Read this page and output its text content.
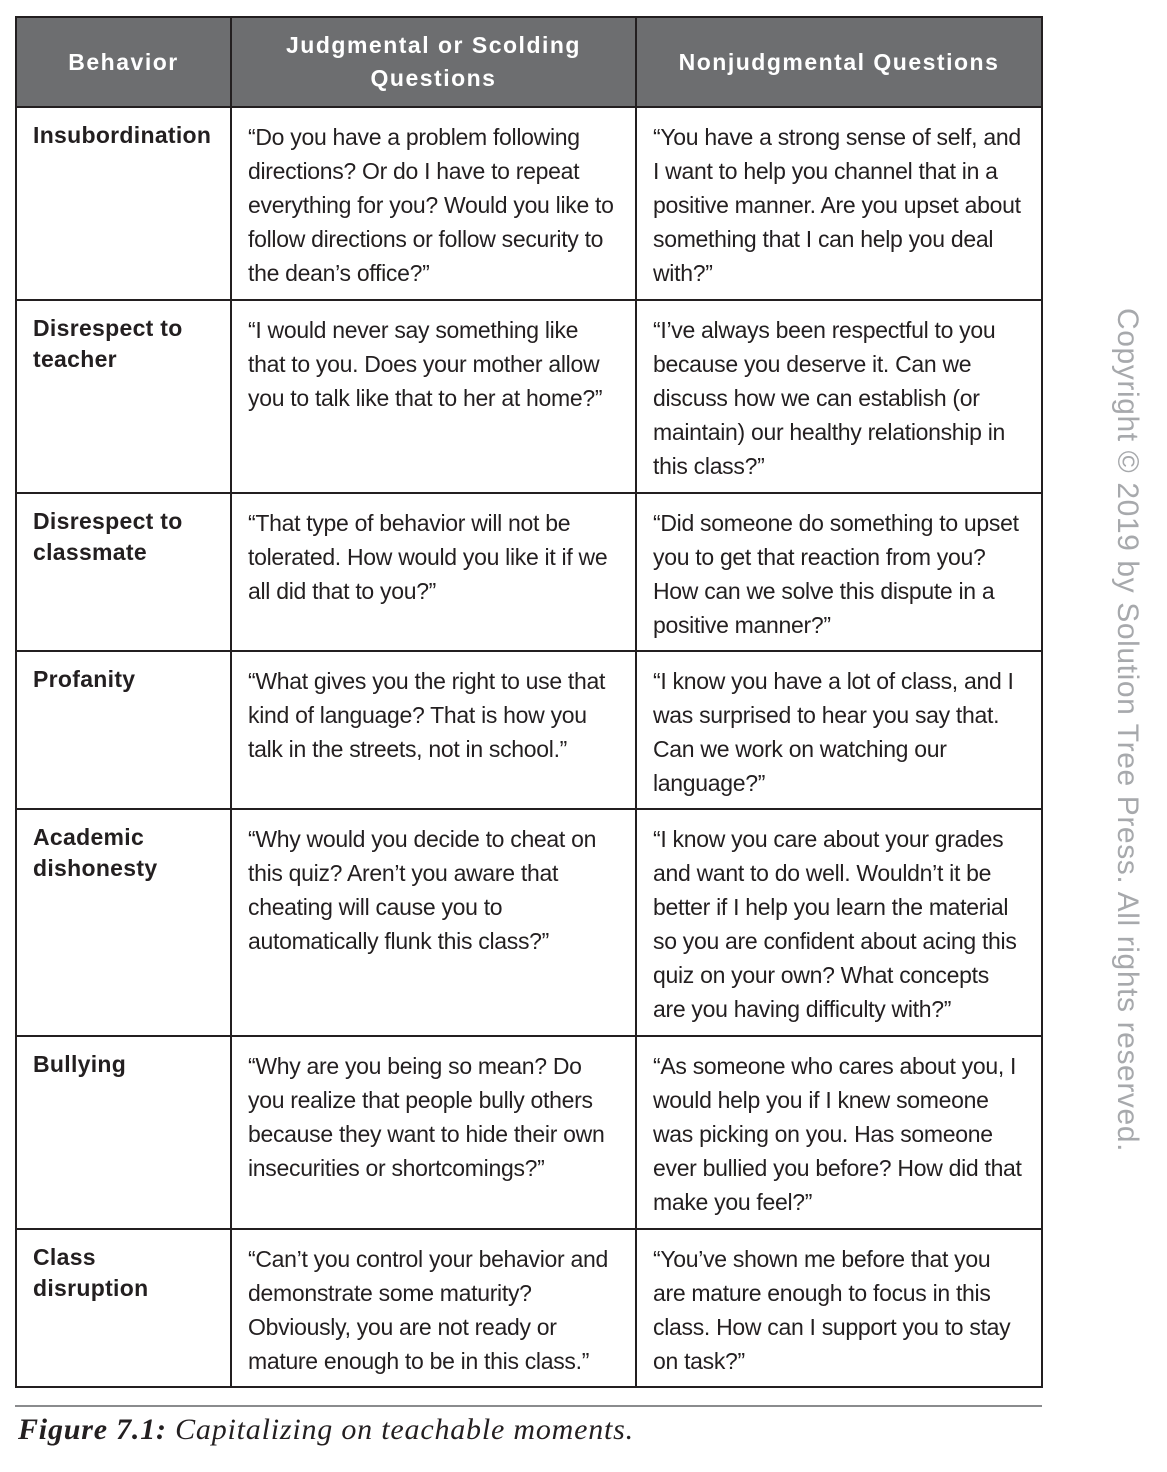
Behavior	Judgmental or Scolding Questions	Nonjudgmental Questions
Insubordination	“Do you have a problem following directions? Or do I have to repeat everything for you? Would you like to follow directions or follow security to the dean’s office?”	“You have a strong sense of self, and I want to help you channel that in a positive manner. Are you upset about something that I can help you deal with?”
Disrespect to teacher	“I would never say something like that to you. Does your mother allow you to talk like that to her at home?”	“I’ve always been respectful to you because you deserve it. Can we discuss how we can establish (or maintain) our healthy relationship in this class?”
Disrespect to classmate	“That type of behavior will not be tolerated. How would you like it if we all did that to you?”	“Did someone do something to upset you to get that reaction from you? How can we solve this dispute in a positive manner?”
Profanity	“What gives you the right to use that kind of language? That is how you talk in the streets, not in school.”	“I know you have a lot of class, and I was surprised to hear you say that. Can we work on watching our language?”
Academic dishonesty	“Why would you decide to cheat on this quiz? Aren’t you aware that cheating will cause you to automatically flunk this class?”	“I know you care about your grades and want to do well. Wouldn’t it be better if I help you learn the material so you are confident about acing this quiz on your own? What concepts are you having difficulty with?”
Bullying	“Why are you being so mean? Do you realize that people bully others because they want to hide their own insecurities or shortcomings?”	“As someone who cares about you, I would help you if I knew someone was picking on you. Has someone ever bullied you before? How did that make you feel?”
Class disruption	“Can’t you control your behavior and demonstrate some maturity? Obviously, you are not ready or mature enough to be in this class.”	“You’ve shown me before that you are mature enough to focus in this class. How can I support you to stay on task?”
Figure 7.1: Capitalizing on teachable moments.
Copyright © 2019 by Solution Tree Press. All rights reserved.
